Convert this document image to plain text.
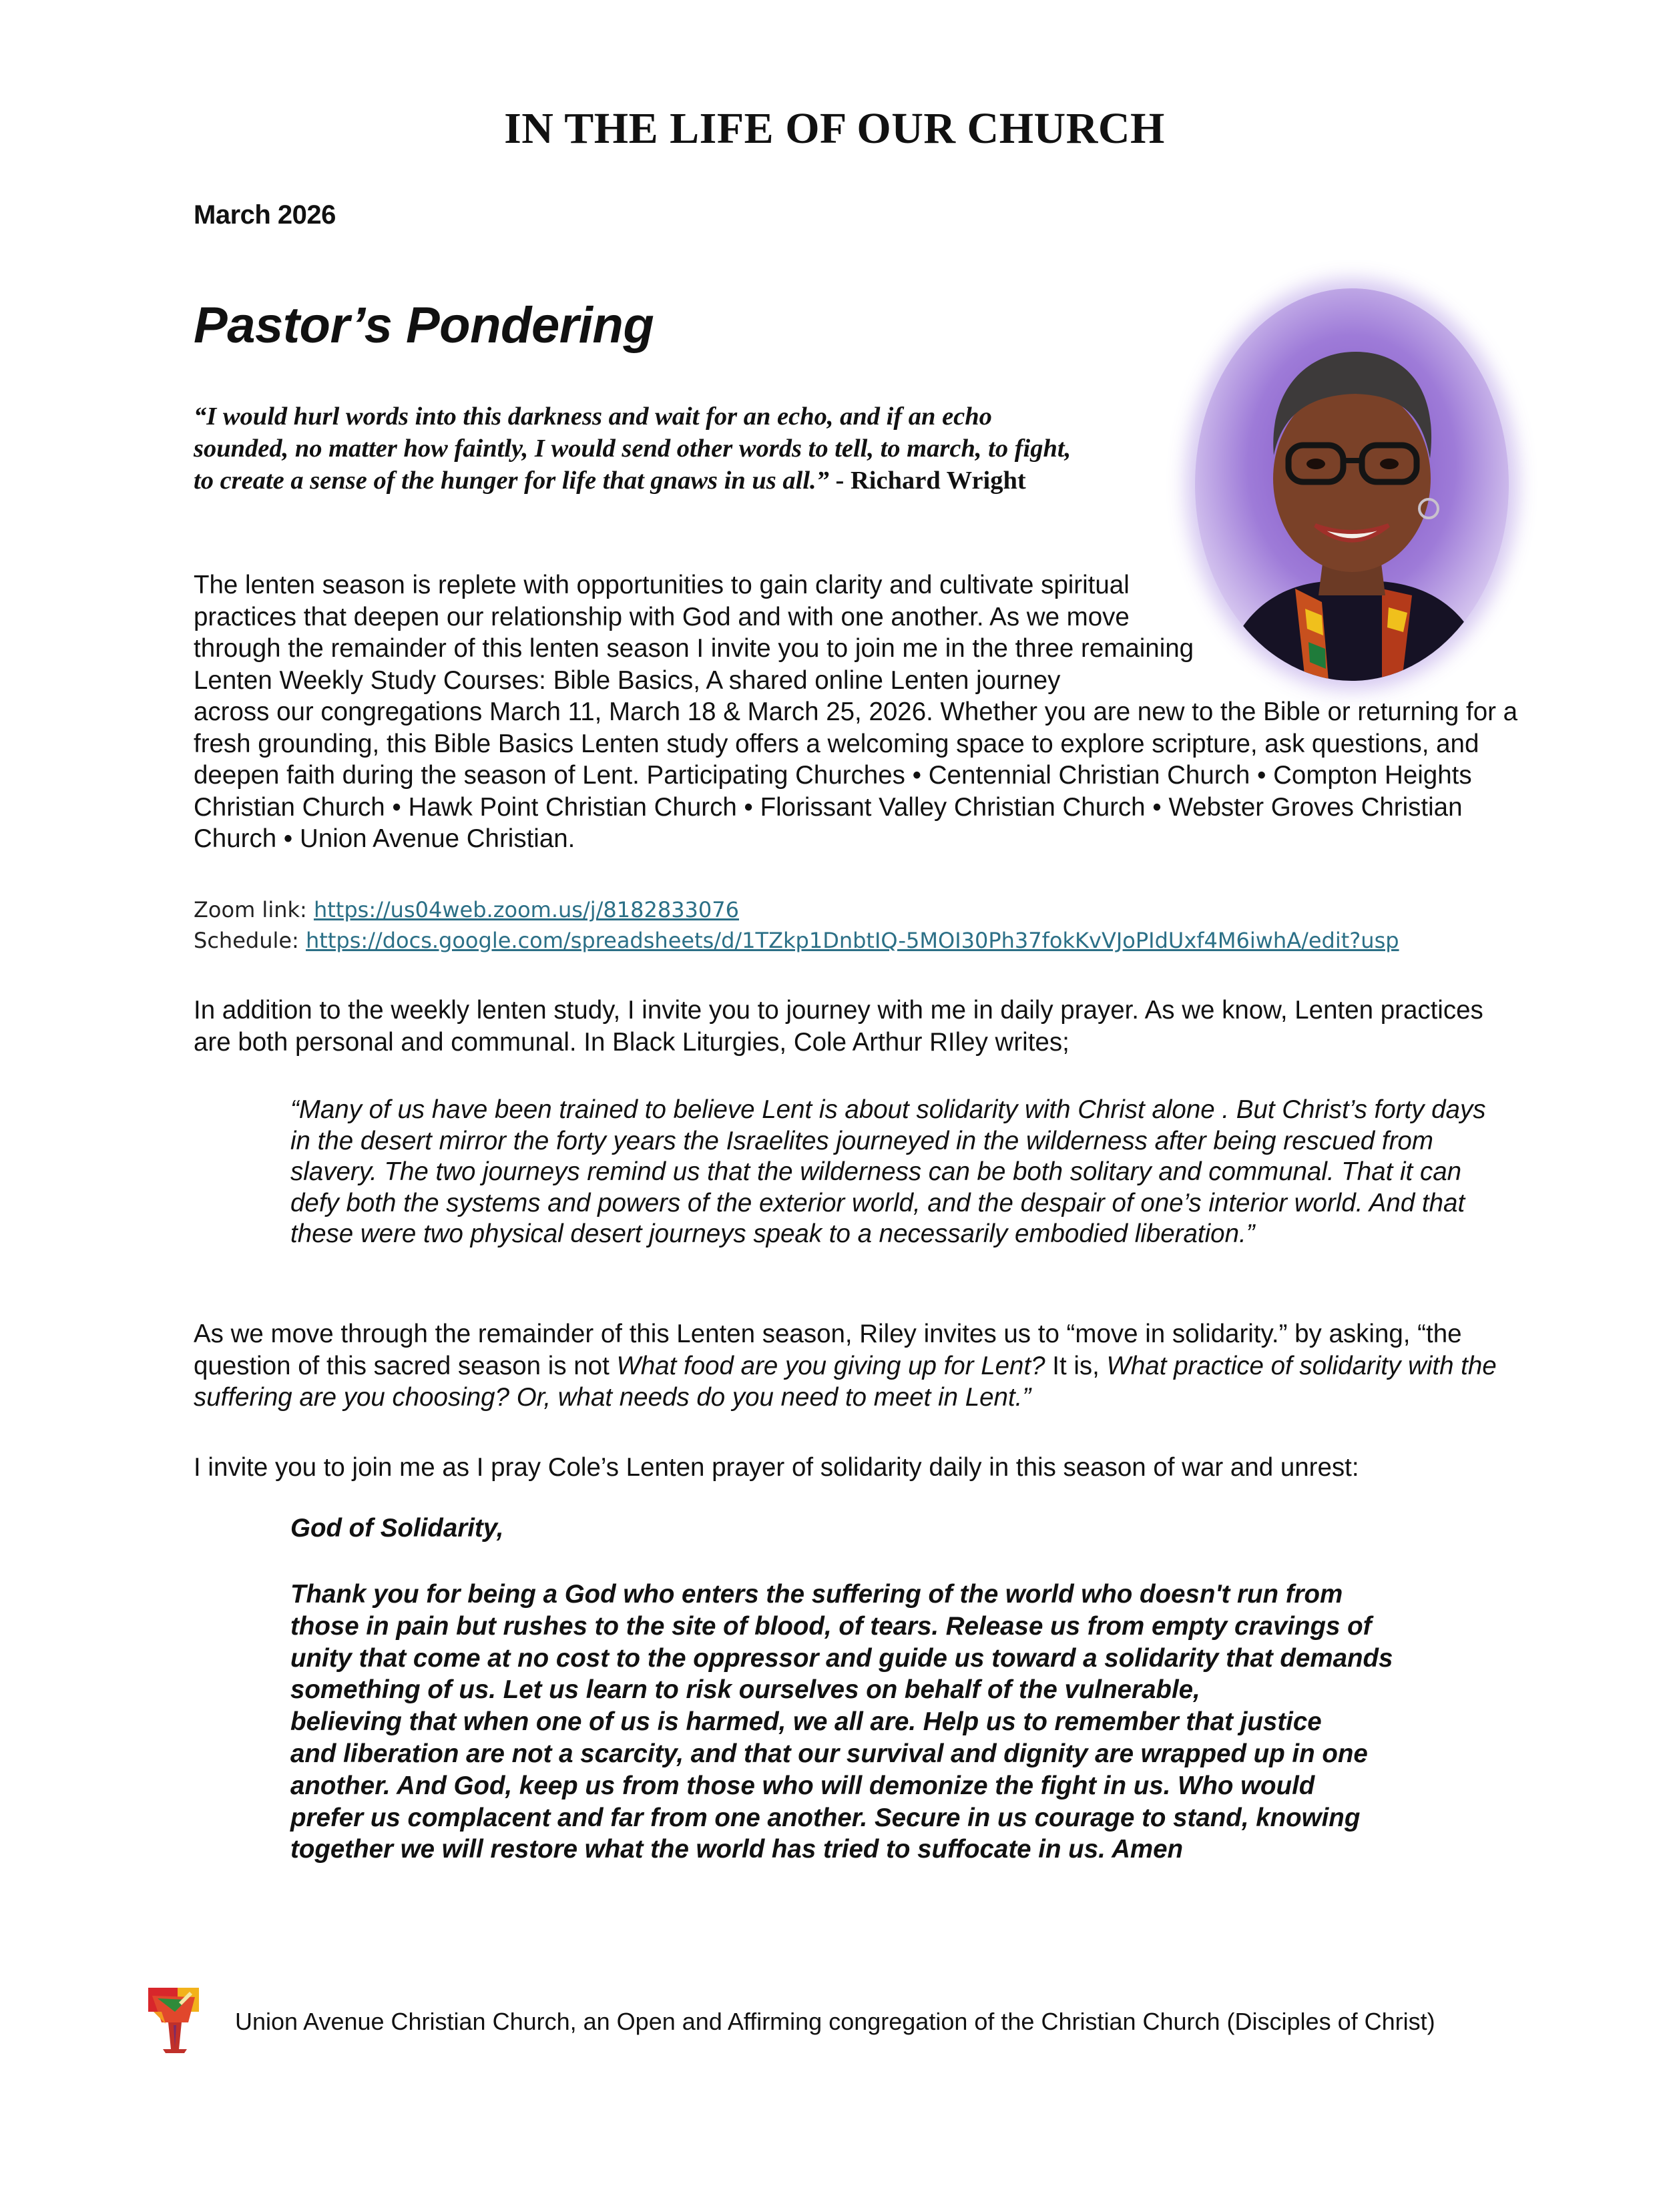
IN THE LIFE OF OUR CHURCH
March 2026
Pastor’s Pondering
“I would hurl words into this darkness and wait for an echo, and if an echo
sounded, no matter how faintly, I would send other words to tell, to march, to fight,
to create a sense of the hunger for life that gnaws in us all.” - Richard Wright

The lenten season is replete with opportunities to gain clarity and cultivate spiritual practices that deepen our relationship with God and with one another. As we move through the remainder of this lenten season I invite you to join me in the three remaining Lenten Weekly Study Courses: Bible Basics, A shared online Lenten journey

across our congregations March 11, March 18 & March 25, 2026. Whether you are new to the Bible or returning for a fresh grounding, this Bible Basics Lenten study offers a welcoming space to explore scripture, ask questions, and deepen faith during the season of Lent. Participating Churches • Centennial Christian Church • Compton Heights Christian Church • Hawk Point Christian Church • Florissant Valley Christian Church • Webster Groves Christian Church • Union Avenue Christian.

Zoom link: https://us04web.zoom.us/j/8182833076
Schedule: https://docs.google.com/spreadsheets/d/1TZkp1DnbtIQ-5MOI30Ph37fokKvVJoPIdUxf4M6iwhA/edit?usp

In addition to the weekly lenten study, I invite you to journey with me in daily prayer. As we know, Lenten practices are both personal and communal. In Black Liturgies, Cole Arthur RIley writes;

“Many of us have been trained to believe Lent is about solidarity with Christ alone . But Christ’s forty days in the desert mirror the forty years the Israelites journeyed in the wilderness after being rescued from slavery. The two journeys remind us that the wilderness can be both solitary and communal. That it can defy both the systems and powers of the exterior world, and the despair of one’s interior world. And that these were two physical desert journeys speak to a necessarily embodied liberation.”

As we move through the remainder of this Lenten season, Riley invites us to “move in solidarity.” by asking, “the question of this sacred season is not What food are you giving up for Lent? It is, What practice of solidarity with the suffering are you choosing? Or, what needs do you need to meet in Lent.”

I invite you to join me as I pray Cole’s Lenten prayer of solidarity daily in this season of war and unrest:

God of Solidarity,
Thank you for being a God who enters the suffering of the world who doesn't run from
those in pain but rushes to the site of blood, of tears. Release us from empty cravings of
unity that come at no cost to the oppressor and guide us toward a solidarity that demands
something of us. Let us learn to risk ourselves on behalf of the vulnerable,
believing that when one of us is harmed, we all are. Help us to remember that justice
and liberation are not a scarcity, and that our survival and dignity are wrapped up in one
another. And God, keep us from those who will demonize the fight in us. Who would
prefer us complacent and far from one another. Secure in us courage to stand, knowing
together we will restore what the world has tried to suffocate in us. Amen
Union Avenue Christian Church, an Open and Affirming congregation of the Christian Church (Disciples of Christ)
